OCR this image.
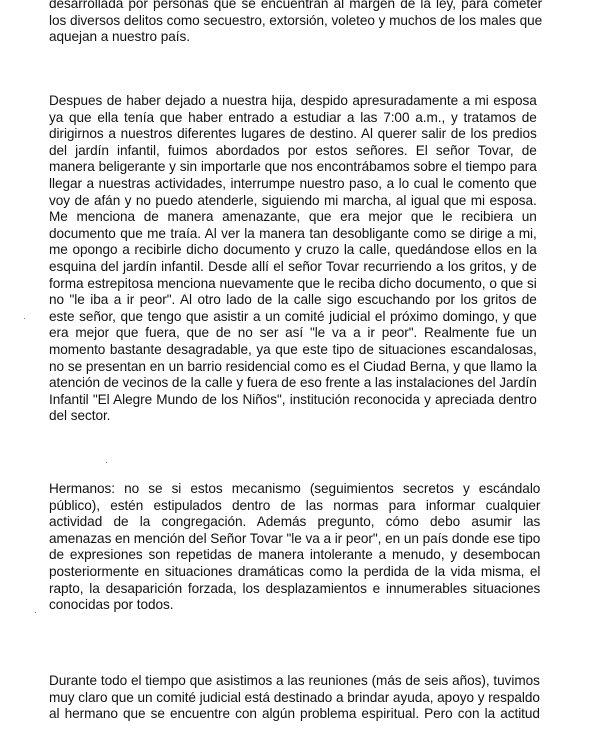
desarrollada por personas que se encuentran al margen de la ley, para cometer
los diversos delitos como secuestro, extorsión, voleteo y muchos de los males que
aquejan a nuestro país.
Despues de haber dejado a nuestra hija, despido apresuradamente a mi esposa
ya que ella tenía que haber entrado a estudiar a las 7:00 a.m., y tratamos de
dirigirnos a nuestros diferentes lugares de destino. Al querer salir de los predios
del jardín infantil, fuimos abordados por estos señores. El señor Tovar, de
manera beligerante y sin importarle que nos encontrábamos sobre el tiempo para
llegar a nuestras actividades, interrumpe nuestro paso, a lo cual le comento que
voy de afán y no puedo atenderle, siguiendo mi marcha, al igual que mi esposa.
Me menciona de manera amenazante, que era mejor que le recibiera un
documento que me traía. Al ver la manera tan desobligante como se dirige a mi,
me opongo a recibirle dicho documento y cruzo la calle, quedándose ellos en la
esquina del jardín infantil. Desde allí el señor Tovar recurriendo a los gritos, y de
forma estrepitosa menciona nuevamente que le reciba dicho documento, o que si
no "le iba a ir peor". Al otro lado de la calle sigo escuchando por los gritos de
este señor, que tengo que asistir a un comité judicial el próximo domingo, y que
era mejor que fuera, que de no ser así "le va a ir peor". Realmente fue un
momento bastante desagradable, ya que este tipo de situaciones escandalosas,
no se presentan en un barrio residencial como es el Ciudad Berna, y que llamo la
atención de vecinos de la calle y fuera de eso frente a las instalaciones del Jardín
Infantil "El Alegre Mundo de los Niños", institución reconocida y apreciada dentro
del sector.
Hermanos: no se si estos mecanismo (seguimientos secretos y escándalo
público), estén estipulados dentro de las normas para informar cualquier
actividad de la congregación. Además pregunto, cómo debo asumir las
amenazas en mención del Señor Tovar "le va a ir peor", en un país donde ese tipo
de expresiones son repetidas de manera intolerante a menudo, y desembocan
posteriormente en situaciones dramáticas como la perdida de la vida misma, el
rapto, la desaparición forzada, los desplazamientos e innumerables situaciones
conocidas por todos.
Durante todo el tiempo que asistimos a las reuniones (más de seis años), tuvimos
muy claro que un comité judicial está destinado a brindar ayuda, apoyo y respaldo
al hermano que se encuentre con algún problema espiritual. Pero con la actitud
